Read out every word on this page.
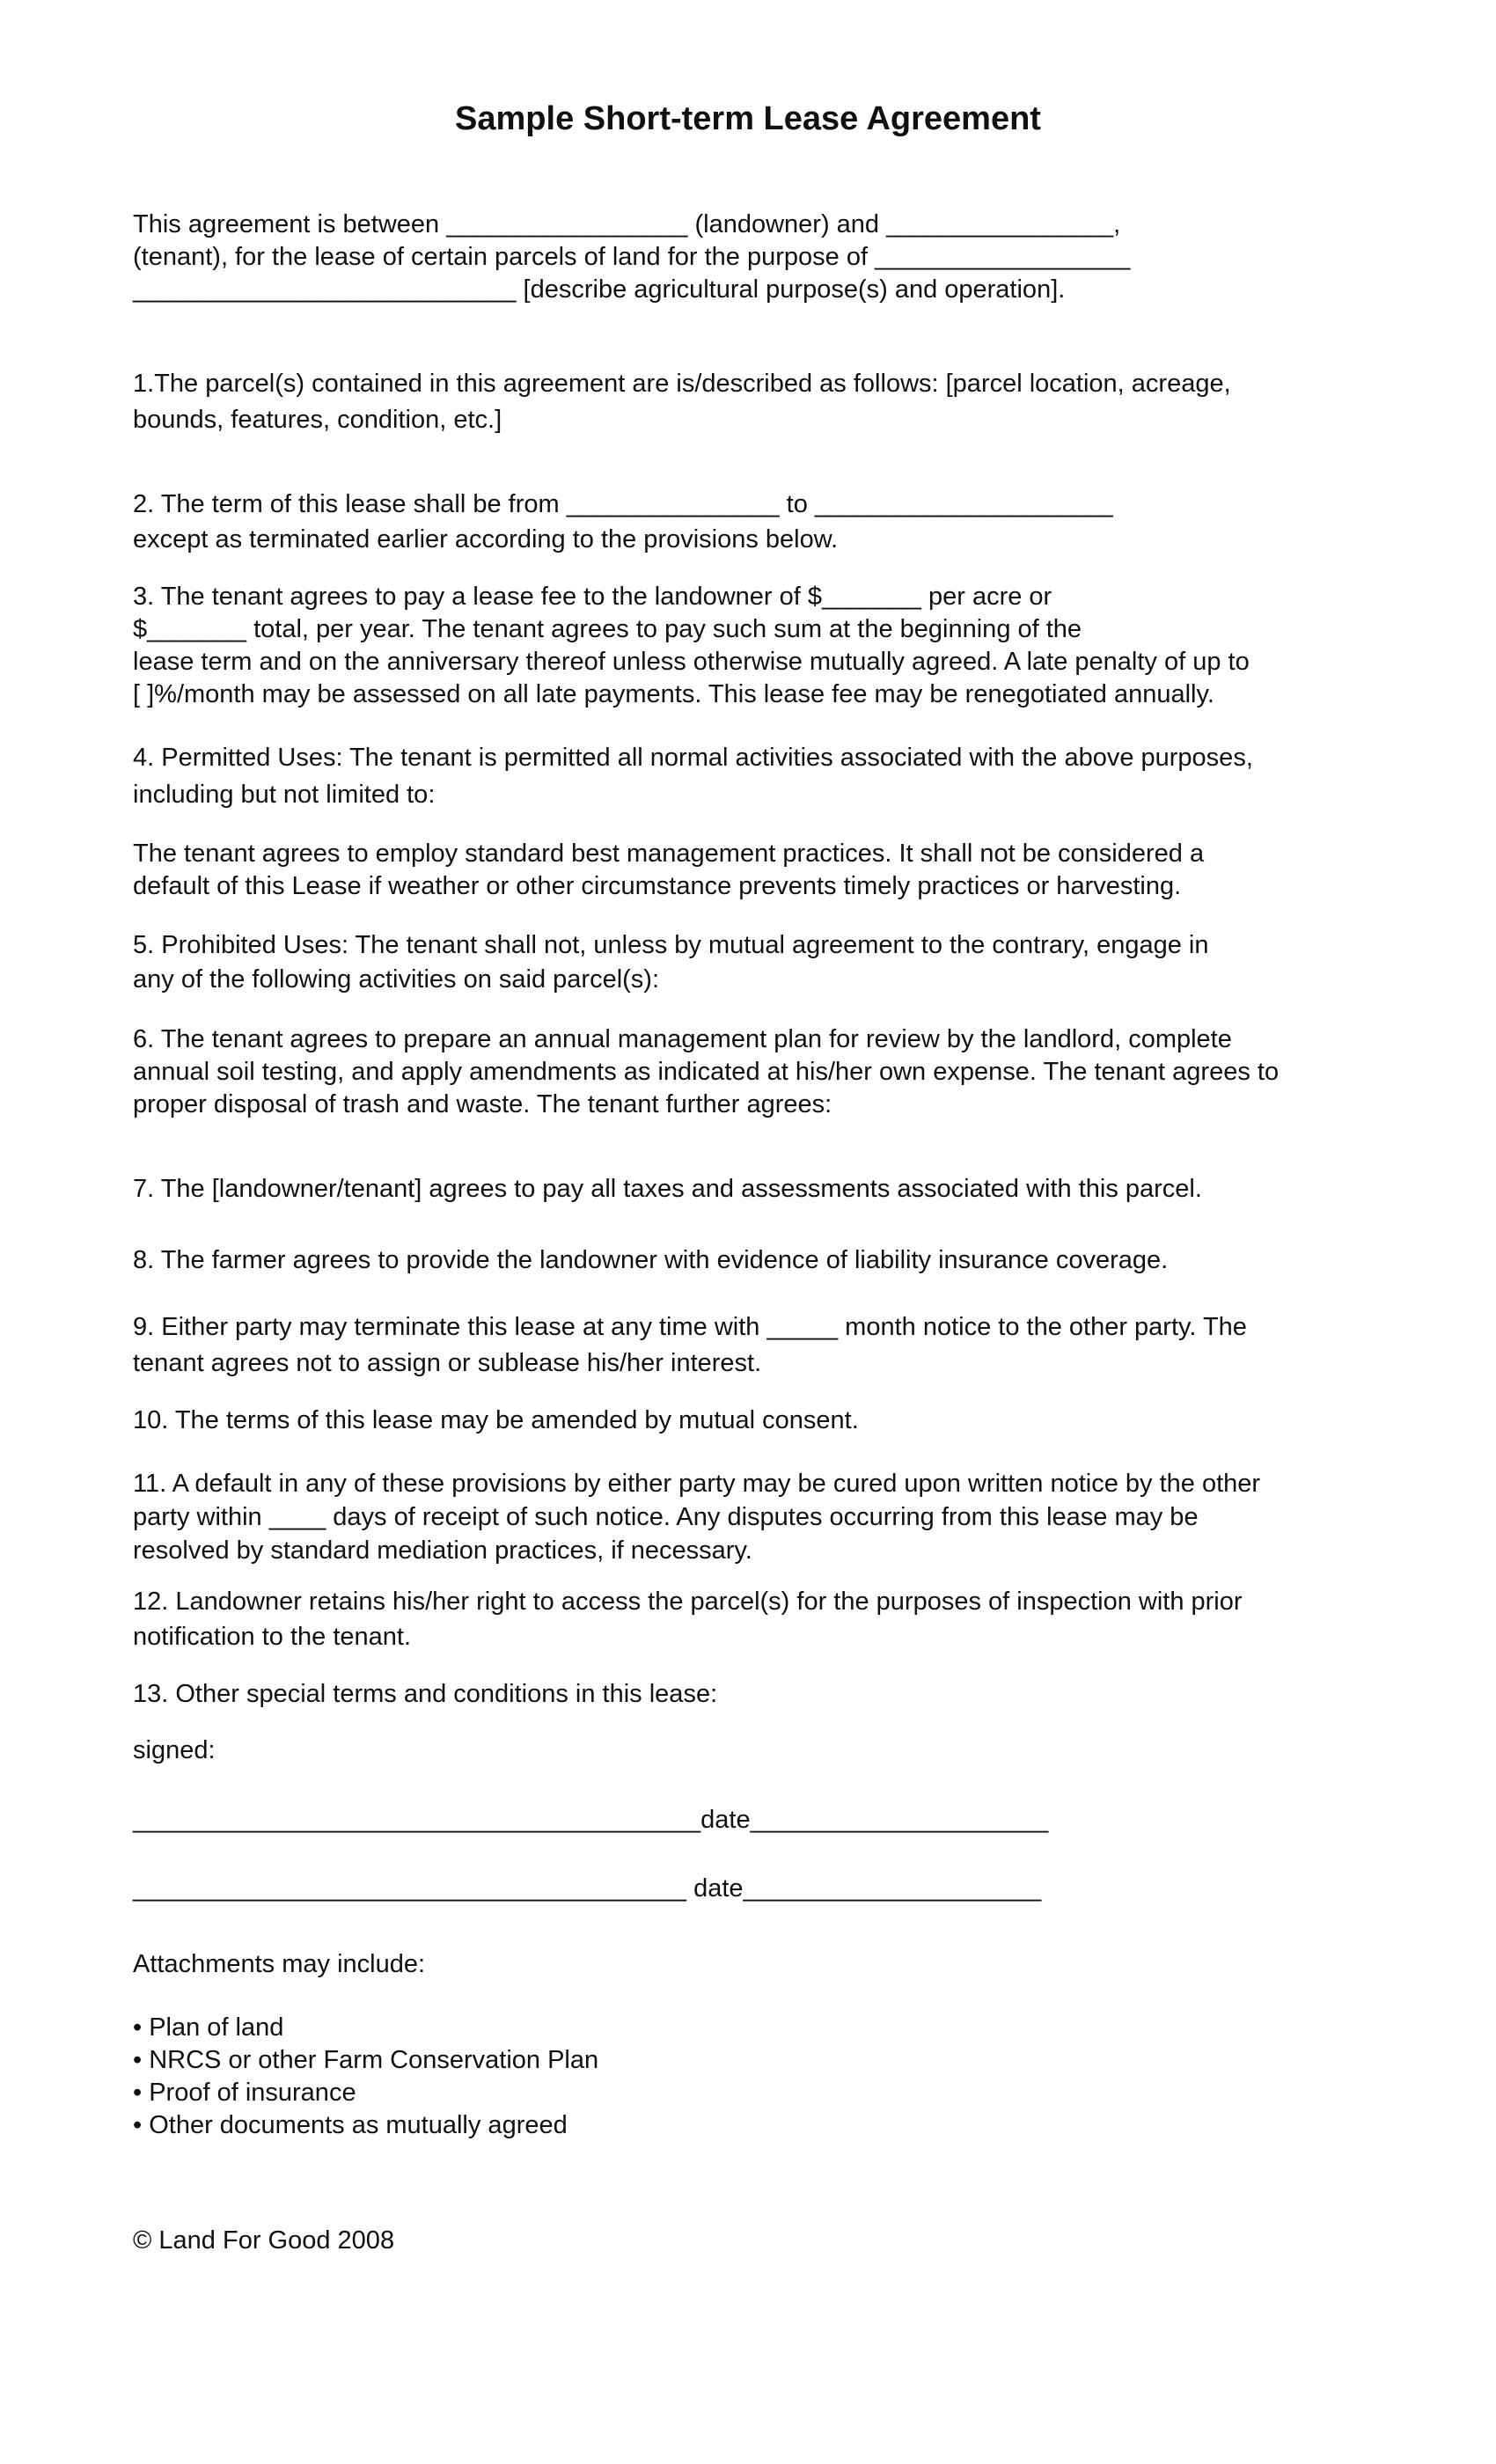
Sample Short-term Lease Agreement
This agreement is between _________________ (landowner) and ________________,
(tenant), for the lease of certain parcels of land for the purpose of __________________
___________________________ [describe agricultural purpose(s) and operation].
1.The parcel(s) contained in this agreement are is/described as follows: [parcel location, acreage,
bounds, features, condition, etc.]
2. The term of this lease shall be from _______________ to _____________________
except as terminated earlier according to the provisions below.
3. The tenant agrees to pay a lease fee to the landowner of $_______ per acre or
$_______ total, per year. The tenant agrees to pay such sum at the beginning of the
lease term and on the anniversary thereof unless otherwise mutually agreed. A late penalty of up to
[ ]%/month may be assessed on all late payments. This lease fee may be renegotiated annually.
4. Permitted Uses: The tenant is permitted all normal activities associated with the above purposes,
including but not limited to:
The tenant agrees to employ standard best management practices. It shall not be considered a
default of this Lease if weather or other circumstance prevents timely practices or harvesting.
5. Prohibited Uses: The tenant shall not, unless by mutual agreement to the contrary, engage in
any of the following activities on said parcel(s):
6. The tenant agrees to prepare an annual management plan for review by the landlord, complete
annual soil testing, and apply amendments as indicated at his/her own expense. The tenant agrees to
proper disposal of trash and waste. The tenant further agrees:
7. The [landowner/tenant] agrees to pay all taxes and assessments associated with this parcel.
8. The farmer agrees to provide the landowner with evidence of liability insurance coverage.
9. Either party may terminate this lease at any time with _____ month notice to the other party. The
tenant agrees not to assign or sublease his/her interest.
10. The terms of this lease may be amended by mutual consent.
11. A default in any of these provisions by either party may be cured upon written notice by the other
party within ____ days of receipt of such notice. Any disputes occurring from this lease may be
resolved by standard mediation practices, if necessary.
12. Landowner retains his/her right to access the parcel(s) for the purposes of inspection with prior
notification to the tenant.
13. Other special terms and conditions in this lease:
signed:
________________________________________date_____________________
_______________________________________ date_____________________
Attachments may include:
• Plan of land
• NRCS or other Farm Conservation Plan
• Proof of insurance
• Other documents as mutually agreed
© Land For Good 2008
